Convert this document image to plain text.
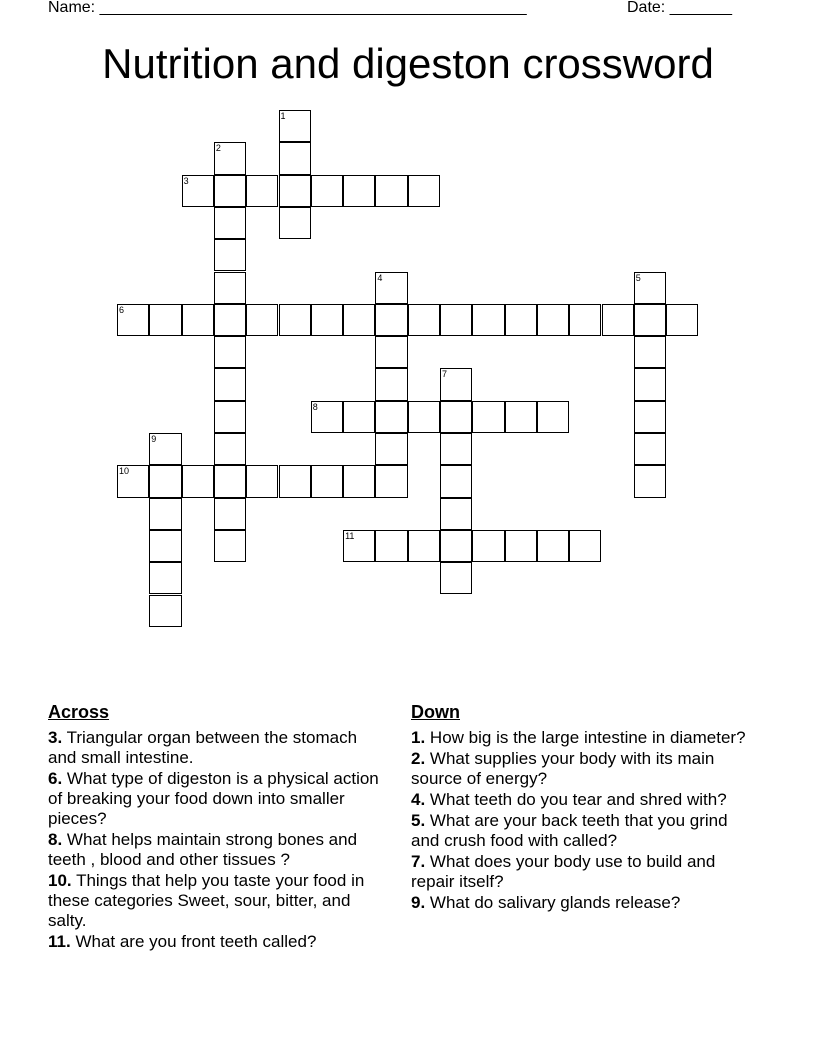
Name: ________________________________________________	Date: _______
Nutrition and digeston crossword
1
2
3
4	5
6
7
8
9
10
11
Across
3. Triangular organ between the stomach and small intestine.
6. What type of digeston is a physical action of breaking your food down into smaller pieces?
8. What helps maintain strong bones and teeth , blood and other tissues ?
10. Things that help you taste your food in these categories Sweet, sour, bitter, and salty.
11. What are you front teeth called?
Down
1. How big is the large intestine in diameter?
2. What supplies your body with its main source of energy?
4. What teeth do you tear and shred with?
5. What are your back teeth that you grind and crush food with called?
7. What does your body use to build and repair itself?
9. What do salivary glands release?
